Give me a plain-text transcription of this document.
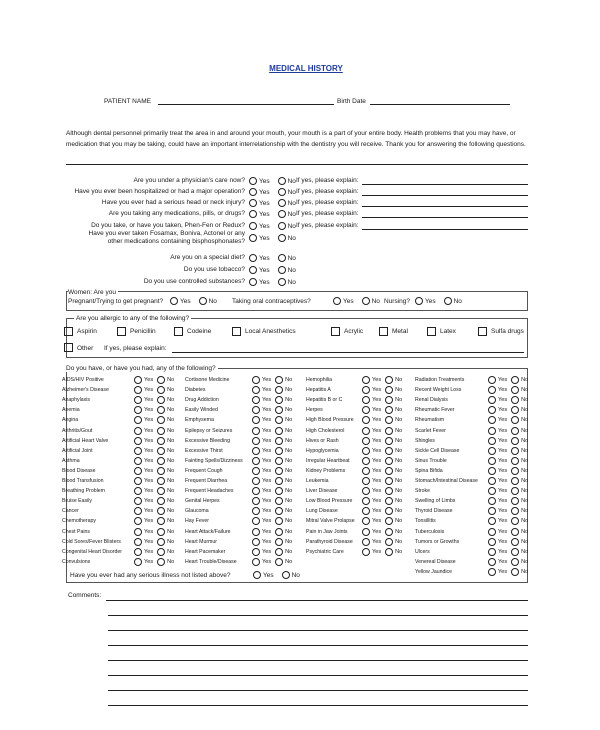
MEDICAL HISTORY
PATIENT NAME	Birth Date
Although dental personnel primarily treat the area in and around your mouth, your mouth is a part of your entire body. Health problems that you may have, or medication that you may be taking, could have an important interrelationship with the dentistry you will receive. Thank you for answering the following questions.
Are you under a physician's care now? Yes	No If yes, please explain:
Have you ever been hospitalized or had a major operation? Yes	No If yes, please explain:
Have you ever had a serious head or neck injury? Yes	No If yes, please explain:
Are you taking any medications, pills, or drugs? Yes	No If yes, please explain:
Do you take, or have you taken, Phen-Fen or Redux? Yes	No If yes, please explain:
Have you ever taken Fosamax, Boniva, Actonel or any
other medications containing bisphosphonates? Yes	No
Are you on a special diet? Yes	No
Do you use tobacco? Yes	No
Do you use controlled substances? Yes	No
Women: Are you
Pregnant/Trying to get pregnant?	Yes	No Taking oral contraceptives?	Yes	No Nursing? Yes	No
Are you allergic to any of the following?
Aspirin	Penicillin	Codeine	Local Anesthetics	Acrylic	Metal	Latex	Sulfa drugs
Other If yes, please explain:
Do you have, or have you had, any of the following?
AIDS/HIV Positive	Yes	No
Alzheimer's Disease	Yes	No
Anaphylaxis	Yes	No
Anemia	Yes	No
Angina	Yes	No
Arthritis/Gout	Yes	No
Artificial Heart Valve	Yes	No
Artificial Joint	Yes	No
Asthma	Yes	No
Blood Disease	Yes	No
Blood Transfusion	Yes	No
Breathing Problem	Yes	No
Bruise Easily	Yes	No
Cancer	Yes	No
Chemotherapy	Yes	No
Chest Pains	Yes	No
Cold Sores/Fever Blisters	Yes	No
Congenital Heart Disorder	Yes	No
Convulsions	Yes	No
Cortisone Medicine	Yes	No
Diabetes	Yes	No
Drug Addiction	Yes	No
Easily Winded	Yes	No
Emphysema	Yes	No
Epilepsy or Seizures	Yes	No
Excessive Bleeding	Yes	No
Excessive Thirst	Yes	No
Fainting Spells/Dizziness	Yes	No
Frequent Cough	Yes	No
Frequent Diarrhea	Yes	No
Frequent Headaches	Yes	No
Genital Herpes	Yes	No
Glaucoma	Yes	No
Hay Fever	Yes	No
Heart Attack/Failure	Yes	No
Heart Murmur	Yes	No
Heart Pacemaker	Yes	No
Heart Trouble/Disease	Yes	No
Hemophilia	Yes	No
Hepatitis A	Yes	No
Hepatitis B or C	Yes	No
Herpes	Yes	No
High Blood Pressure	Yes	No
High Cholesterol	Yes	No
Hives or Rash	Yes	No
Hypoglycemia	Yes	No
Irregular Heartbeat	Yes	No
Kidney Problems	Yes	No
Leukemia	Yes	No
Liver Disease	Yes	No
Low Blood Pressure	Yes	No
Lung Disease	Yes	No
Mitral Valve Prolapse	Yes	No
Pain in Jaw Joints	Yes	No
Parathyroid Disease	Yes	No
Psychiatric Care	Yes	No
Radiation Treatments	Yes	No
Recent Weight Loss	Yes	No
Renal Dialysis	Yes	No
Rheumatic Fever	Yes	No
Rheumatism	Yes	No
Scarlet Fever	Yes	No
Shingles	Yes	No
Sickle Cell Disease	Yes	No
Sinus Trouble	Yes	No
Spina Bifida	Yes	No
Stomach/Intestinal Disease	Yes	No
Stroke	Yes	No
Swelling of Limbs	Yes	No
Thyroid Disease	Yes	No
Tonsillitis	Yes	No
Tuberculosis	Yes	No
Tumors or Growths	Yes	No
Ulcers	Yes	No
Venereal Disease	Yes	No
Yellow Jaundice	Yes	No
Have you ever had any serious illness not listed above?	Yes	No
Comments:
